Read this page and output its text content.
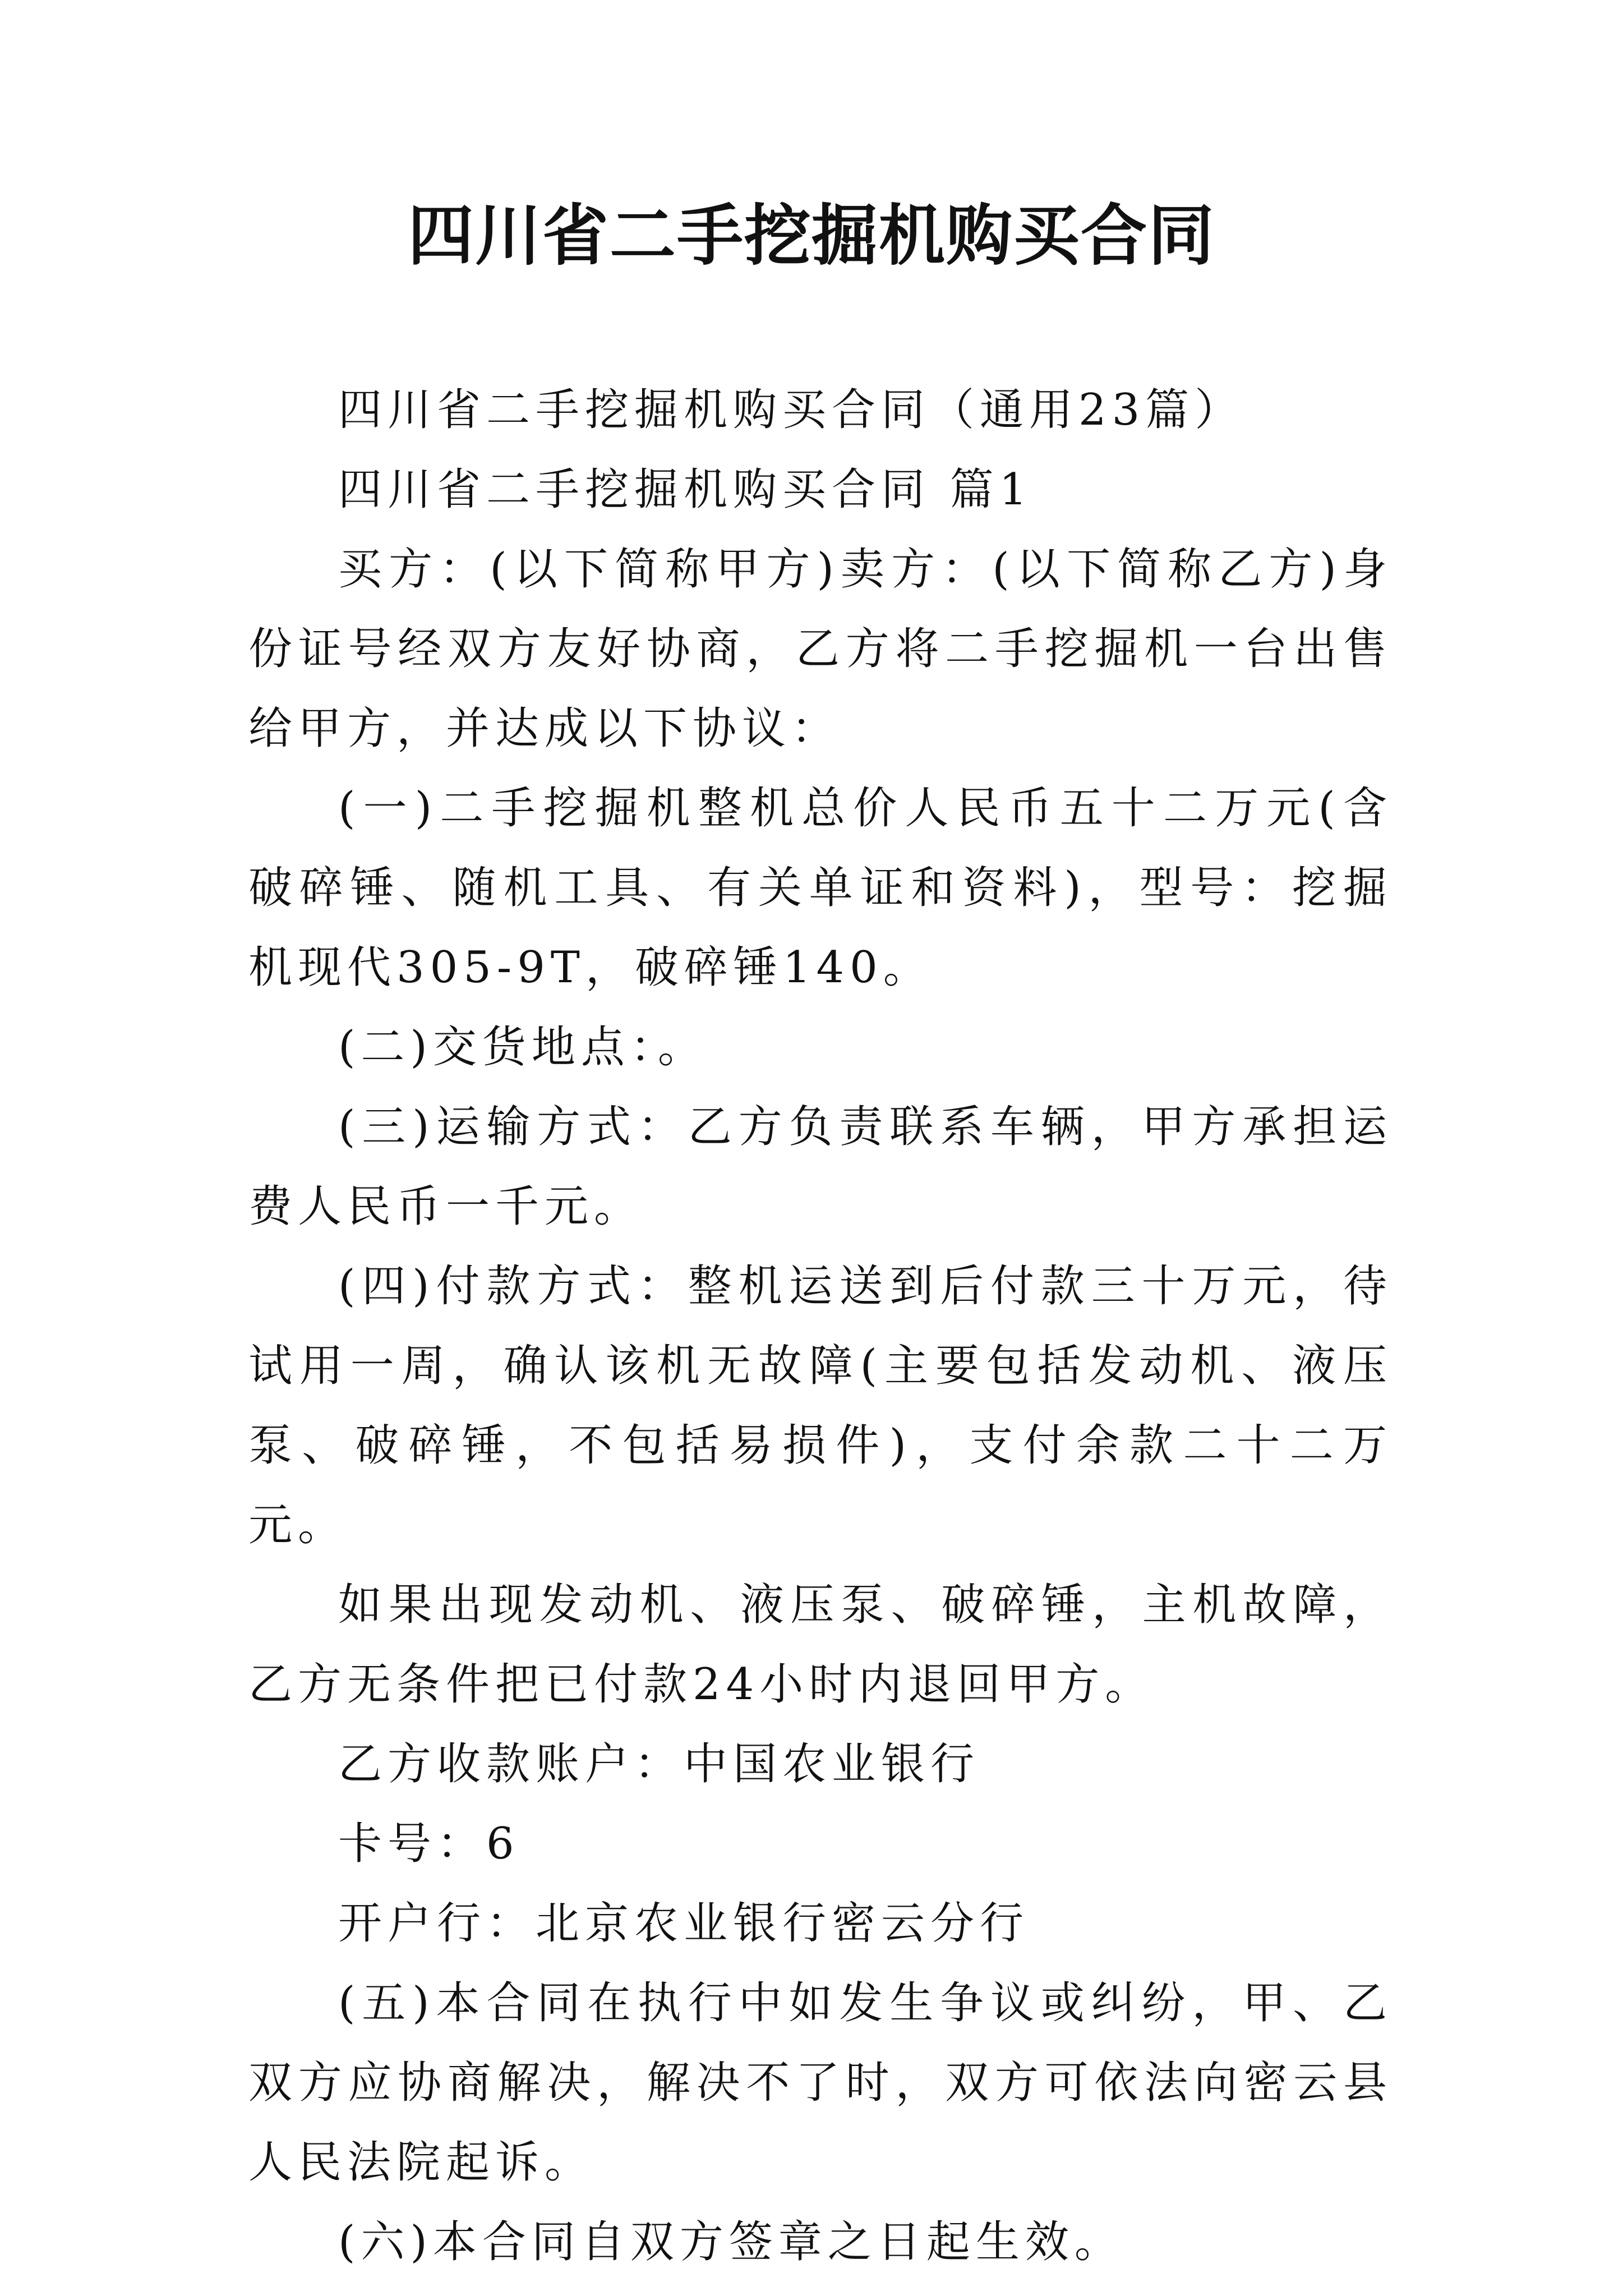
四川省二手挖掘机购买合同

四川省二手挖掘机购买合同（通用23篇）

四川省二手挖掘机购买合同 篇1

买方：(以下简称甲方)卖方：(以下简称乙方)身份证号经双方友好协商，乙方将二手挖掘机一台出售给甲方，并达成以下协议：

(一)二手挖掘机整机总价人民币五十二万元(含破碎锤、随机工具、有关单证和资料)，型号：挖掘机现代305-9T，破碎锤140。

(二)交货地点：。

(三)运输方式：乙方负责联系车辆，甲方承担运费人民币一千元。

(四)付款方式：整机运送到后付款三十万元，待试用一周，确认该机无故障(主要包括发动机、液压泵、破碎锤，不包括易损件)，支付余款二十二万元。

如果出现发动机、液压泵、破碎锤，主机故障，乙方无条件把已付款24小时内退回甲方。

乙方收款账户：中国农业银行

卡号：6

开户行：北京农业银行密云分行

(五)本合同在执行中如发生争议或纠纷，甲、乙双方应协商解决，解决不了时，双方可依法向密云县人民法院起诉。

(六)本合同自双方签章之日起生效。
